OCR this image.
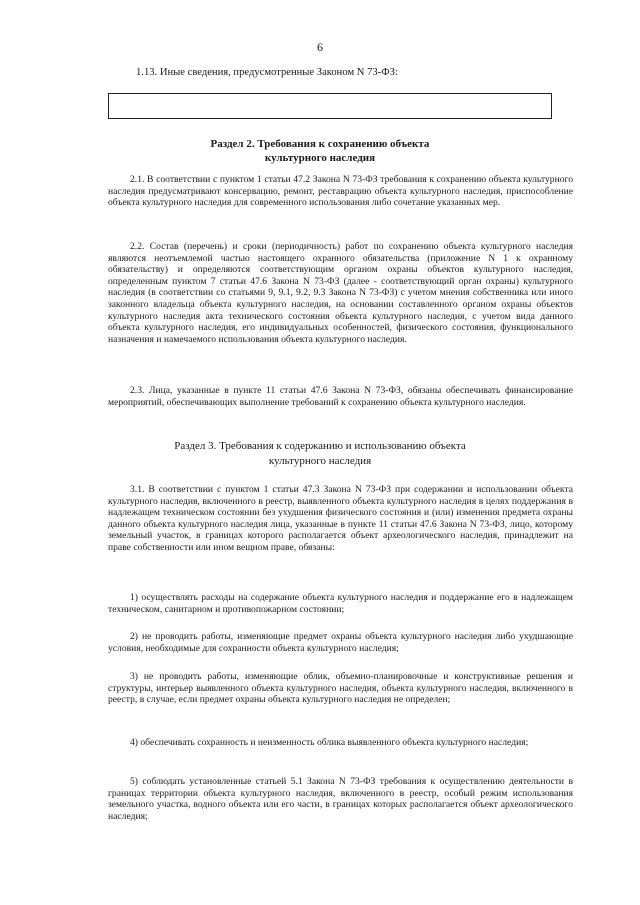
6
1.13. Иные сведения, предусмотренные Законом N 73-ФЗ:
Раздел 2. Требования к сохранению объекта
культурного наследия

2.1. В соответствии с пунктом 1 статьи 47.2 Закона N 73-ФЗ требования к сохранению объекта культурного наследия предусматривают консервацию, ремонт, реставрацию объекта культурного наследия, приспособление объекта культурного наследия для современного использования либо сочетание указанных мер.

2.2. Состав (перечень) и сроки (периодичность) работ по сохранению объекта культурного наследия являются неотъемлемой частью настоящего охранного обязательства (приложение N 1 к охранному обязательству) и определяются соответствующим органом охраны объектов культурного наследия, определенным пунктом 7 статьи 47.6 Закона N 73-ФЗ (далее - соответствующий орган охраны) культурного наследия (в соответствии со статьями 9, 9.1, 9.2, 9.3 Закона N 73-ФЗ) с учетом мнения собственника или иного законного владельца объекта культурного наследия, на основании составленного органом охраны объектов культурного наследия акта технического состояния объекта культурного наследия, с учетом вида данного объекта культурного наследия, его индивидуальных особенностей, физического состояния, функционального назначения и намечаемого использования объекта культурного наследия.

2.3. Лица, указанные в пункте 11 статьи 47.6 Закона N 73-ФЗ, обязаны обеспечивать финансирование мероприятий, обеспечивающих выполнение требований к сохранению объекта культурного наследия.

Раздел 3. Требования к содержанию и использованию объекта
культурного наследия

3.1. В соответствии с пунктом 1 статьи 47.3 Закона N 73-ФЗ при содержании и использовании объекта культурного наследия, включенного в реестр, выявленного объекта культурного наследия в целях поддержания в надлежащем техническом состоянии без ухудшения физического состояния и (или) изменения предмета охраны данного объекта культурного наследия лица, указанные в пункте 11 статьи 47.6 Закона N 73-ФЗ, лицо, которому земельный участок, в границах которого располагается объект археологического наследия, принадлежит на праве собственности или ином вещном праве, обязаны:

1) осуществлять расходы на содержание объекта культурного наследия и поддержание его в надлежащем техническом, санитарном и противопожарном состоянии;

2) не проводить работы, изменяющие предмет охраны объекта культурного наследия либо ухудшающие условия, необходимые для сохранности объекта культурного наследия;

3) не проводить работы, изменяющие облик, объемно-планировочные и конструктивные решения и структуры, интерьер выявленного объекта культурного наследия, объекта культурного наследия, включенного в реестр, в случае, если предмет охраны объекта культурного наследия не определен;

4) обеспечивать сохранность и неизменность облика выявленного объекта культурного наследия;

5) соблюдать установленные статьей 5.1 Закона N 73-ФЗ требования к осуществлению деятельности в границах территории объекта культурного наследия, включенного в реестр, особый режим использования земельного участка, водного объекта или его части, в границах которых располагается объект археологического наследия;
